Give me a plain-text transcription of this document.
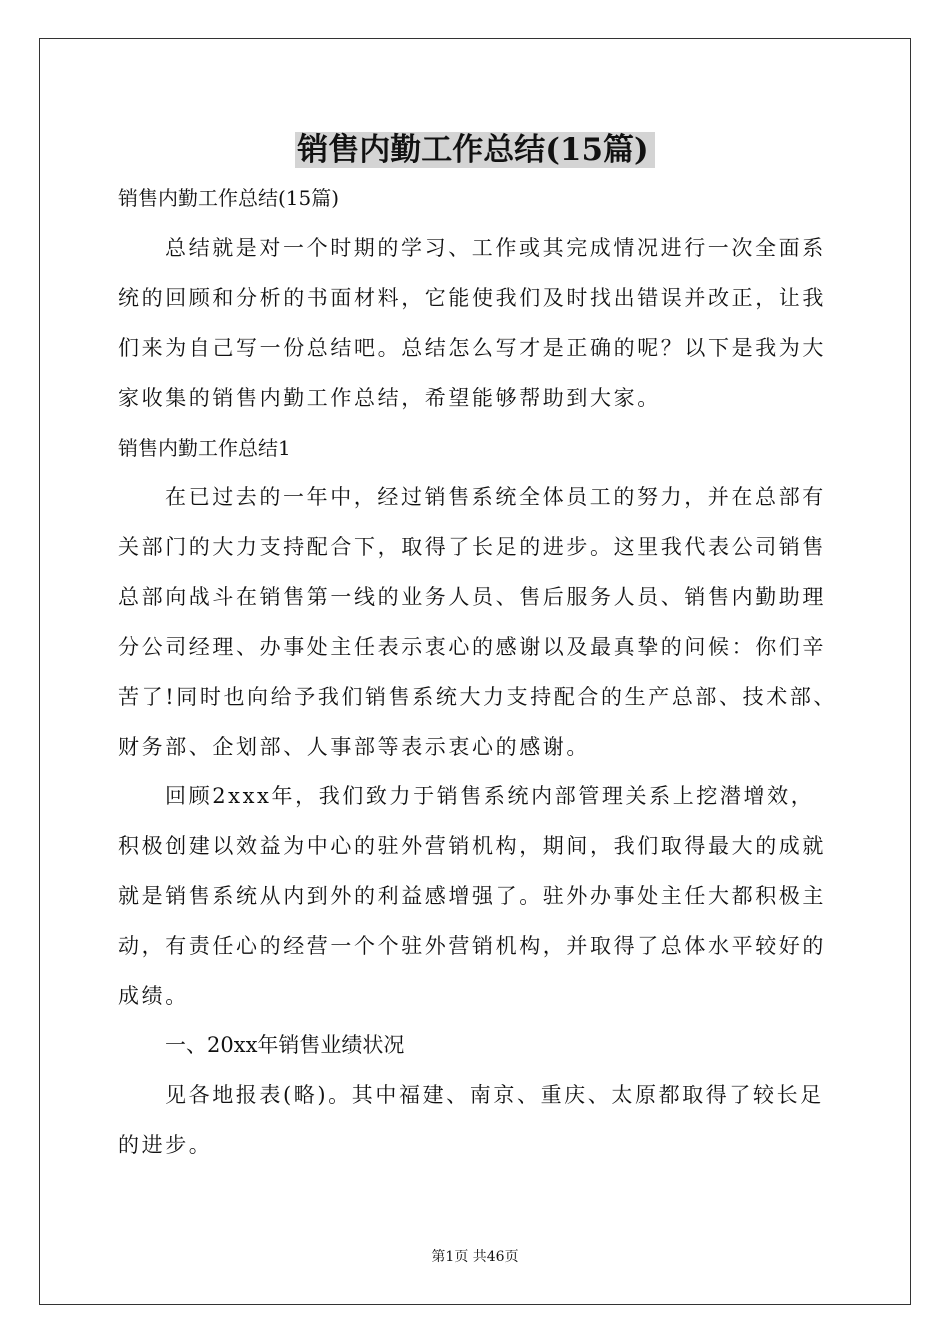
销售内勤工作总结(15篇)
销售内勤工作总结(15篇)
总结就是对一个时期的学习、工作或其完成情况进行一次全面系
统的回顾和分析的书面材料，它能使我们及时找出错误并改正，让我
们来为自己写一份总结吧。总结怎么写才是正确的呢？以下是我为大
家收集的销售内勤工作总结，希望能够帮助到大家。
销售内勤工作总结1
在已过去的一年中，经过销售系统全体员工的努力，并在总部有
关部门的大力支持配合下，取得了长足的进步。这里我代表公司销售
总部向战斗在销售第一线的业务人员、售后服务人员、销售内勤助理
分公司经理、办事处主任表示衷心的感谢以及最真挚的问候：你们辛
苦了!同时也向给予我们销售系统大力支持配合的生产总部、技术部、
财务部、企划部、人事部等表示衷心的感谢。
回顾2xxx年，我们致力于销售系统内部管理关系上挖潜增效，
积极创建以效益为中心的驻外营销机构，期间，我们取得最大的成就
就是销售系统从内到外的利益感增强了。驻外办事处主任大都积极主
动，有责任心的经营一个个驻外营销机构，并取得了总体水平较好的
成绩。
一、20xx年销售业绩状况
见各地报表(略)。其中福建、南京、重庆、太原都取得了较长足
的进步。
第1页 共46页
